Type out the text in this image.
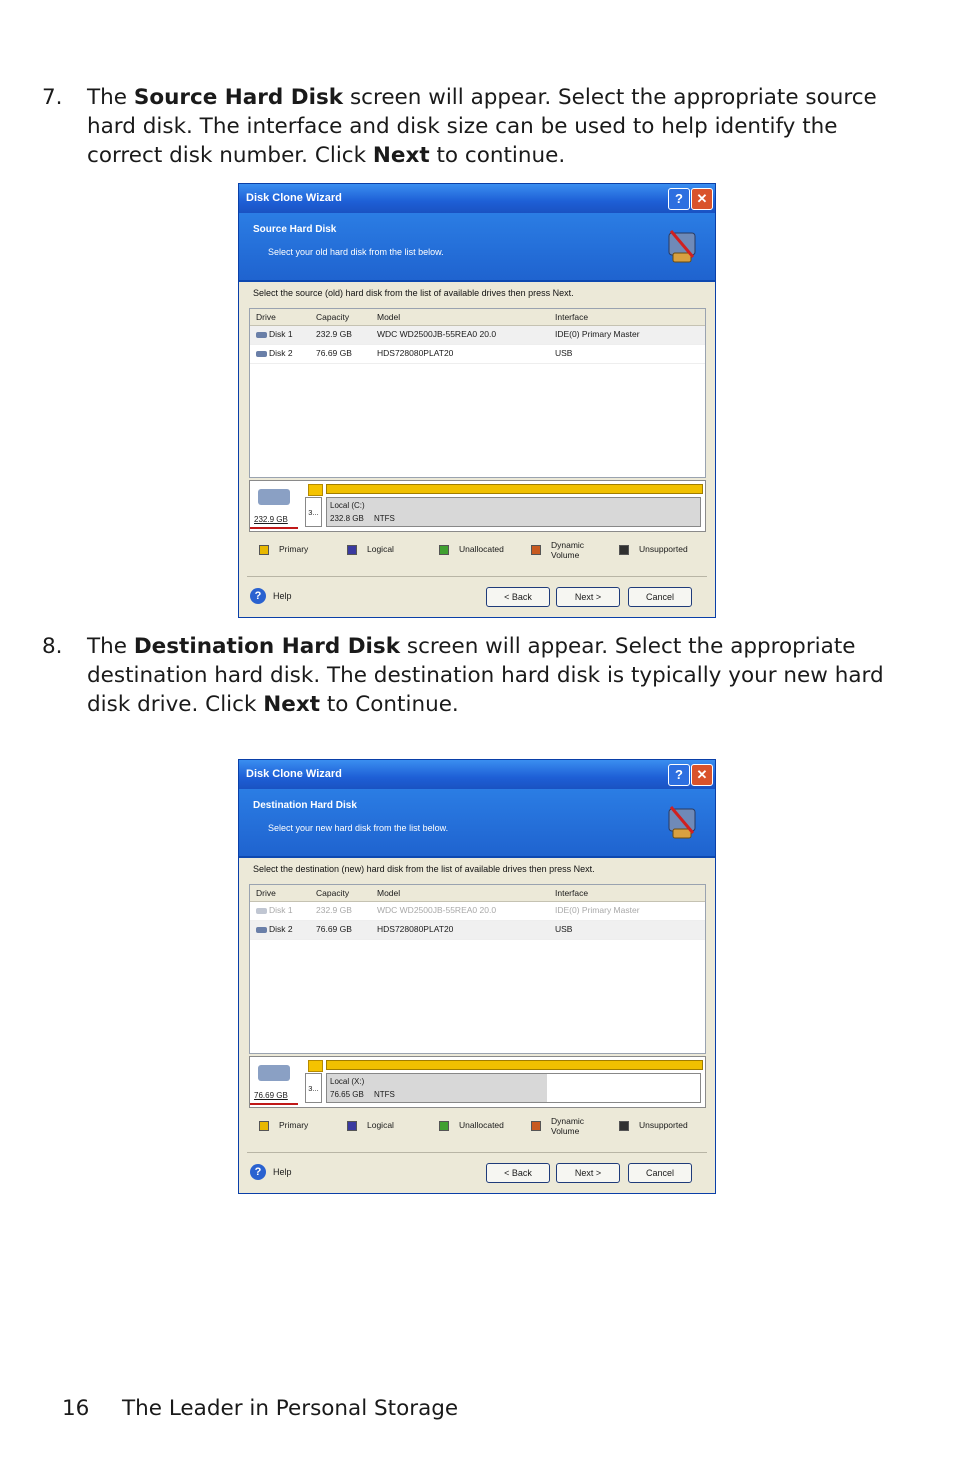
7. The Source Hard Disk screen will appear. Select the appropriate source
hard disk. The interface and disk size can be used to help identify the
correct disk number. Click Next to continue.
Disk Clone Wizard	?	✕
Source Hard Disk
Select your old hard disk from the list below.
Select the source (old) hard disk from the list of available drives then press Next.
Drive	Capacity	Model	Interface
Disk 1	232.9 GB	WDC WD2500JB-55REA0 20.0	IDE(0) Primary Master
Disk 2	76.69 GB	HDS728080PLAT20	USB
232.9 GB
3...
Local (C:)
232.8 GB NTFS
Primary	Logical	Unallocated	Dynamic
Volume
Unsupported
?	Help	< Back	Next >	Cancel
8. The Destination Hard Disk screen will appear. Select the appropriate
destination hard disk. The destination hard disk is typically your new hard
disk drive. Click Next to Continue.
Disk Clone Wizard	?	✕
Destination Hard Disk
Select your new hard disk from the list below.
Select the destination (new) hard disk from the list of available drives then press Next.
Drive	Capacity	Model	Interface
Disk 1	232.9 GB	WDC WD2500JB-55REA0 20.0	IDE(0) Primary Master
Disk 2	76.69 GB	HDS728080PLAT20	USB
76.69 GB
3...
Local (X:)
76.65 GB NTFS
Primary	Logical	Unallocated	Dynamic
Volume
Unsupported
?	Help	< Back	Next >	Cancel
16 The Leader in Personal Storage
